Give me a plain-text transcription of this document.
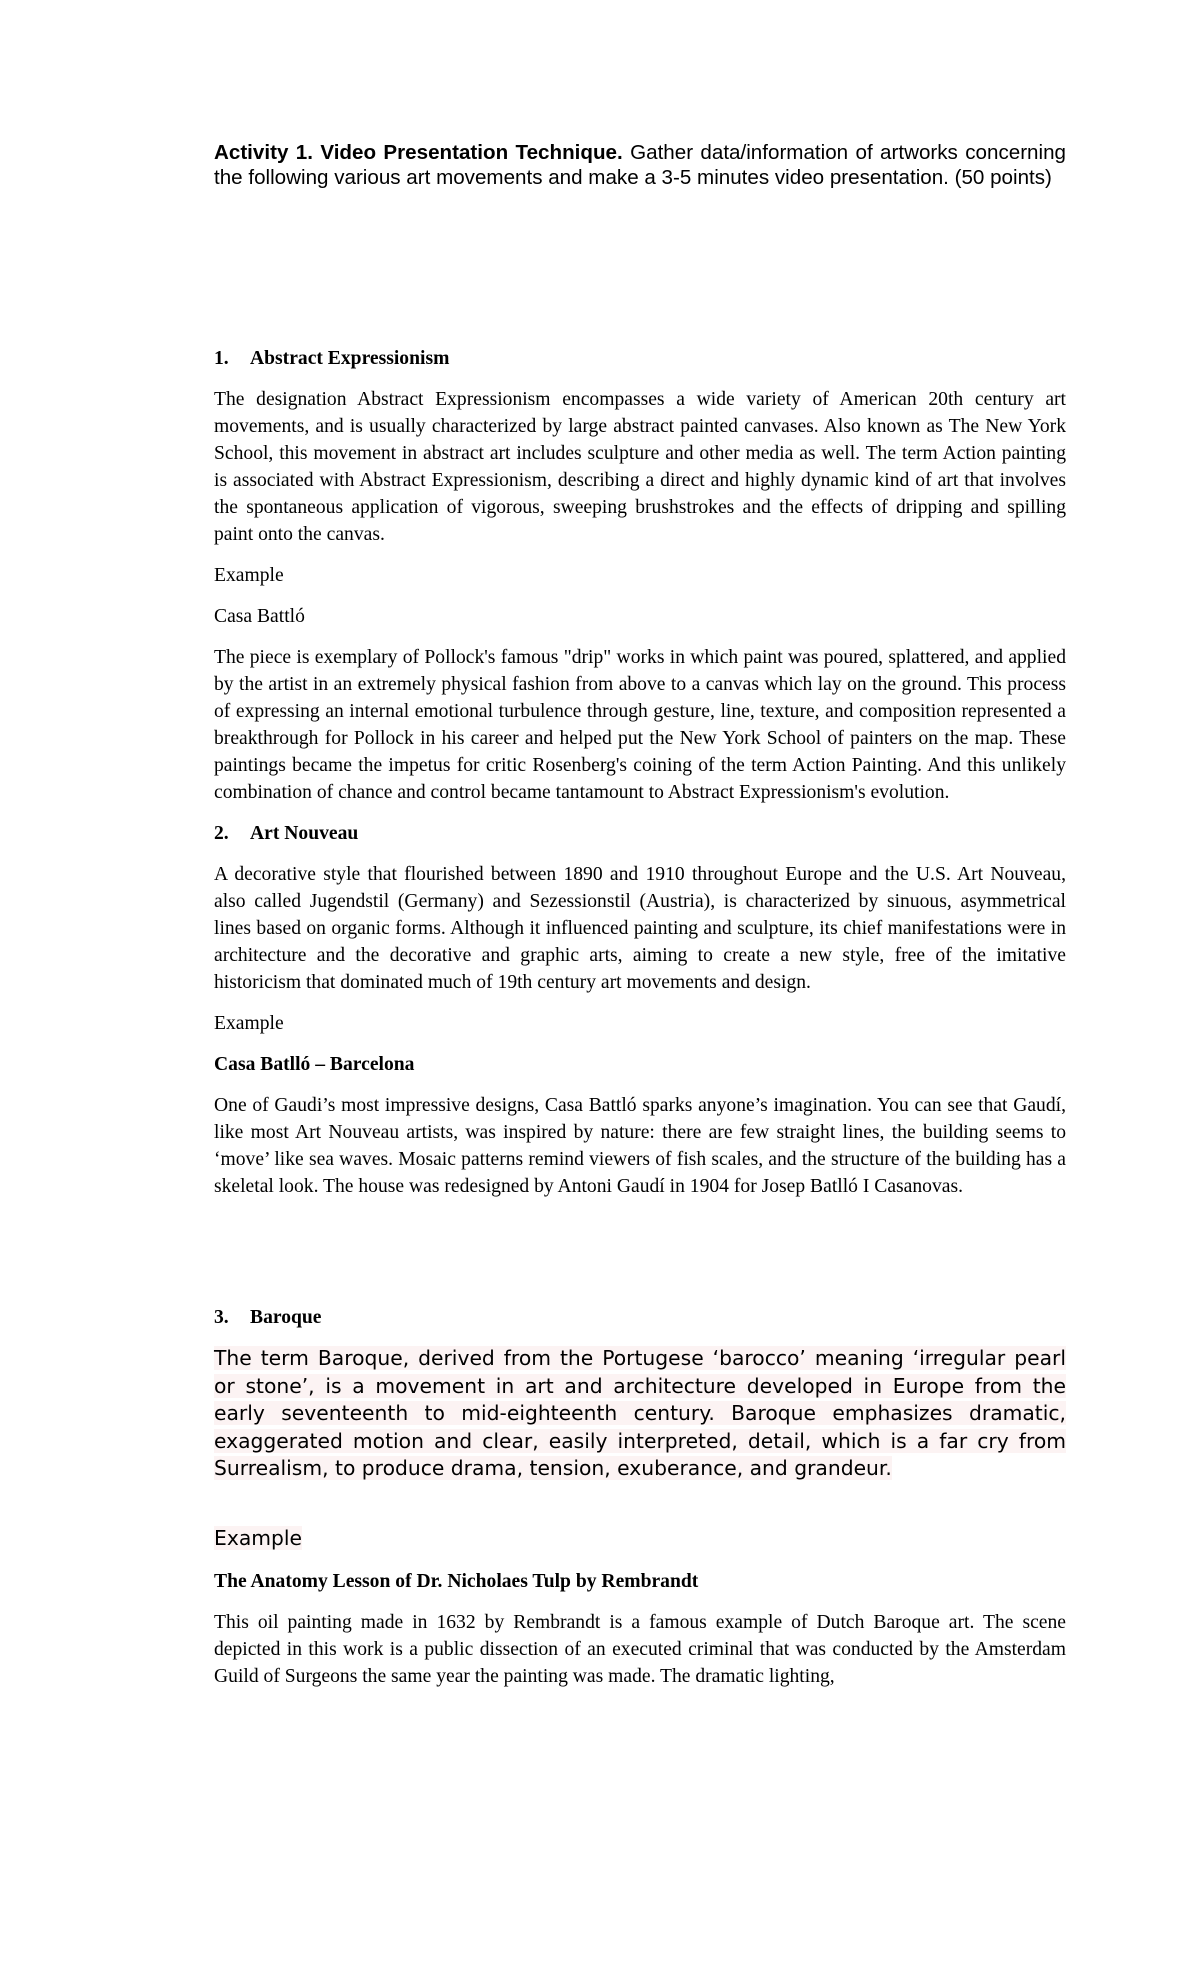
Activity 1. Video Presentation Technique. Gather data/information of artworks concerning the following various art movements and make a 3-5 minutes video presentation. (50 points)
1. Abstract Expressionism

The designation Abstract Expressionism encompasses a wide variety of American 20th century art movements, and is usually characterized by large abstract painted canvases. Also known as The New York School, this movement in abstract art includes sculpture and other media as well. The term Action painting is associated with Abstract Expressionism, describing a direct and highly dynamic kind of art that involves the spontaneous application of vigorous, sweeping brushstrokes and the effects of dripping and spilling paint onto the canvas.

Example
Casa Battló

The piece is exemplary of Pollock's famous "drip" works in which paint was poured, splattered, and applied by the artist in an extremely physical fashion from above to a canvas which lay on the ground. This process of expressing an internal emotional turbulence through gesture, line, texture, and composition represented a breakthrough for Pollock in his career and helped put the New York School of painters on the map. These paintings became the impetus for critic Rosenberg's coining of the term Action Painting. And this unlikely combination of chance and control became tantamount to Abstract Expressionism's evolution.

2. Art Nouveau

A decorative style that flourished between 1890 and 1910 throughout Europe and the U.S. Art Nouveau, also called Jugendstil (Germany) and Sezessionstil (Austria), is characterized by sinuous, asymmetrical lines based on organic forms. Although it influenced painting and sculpture, its chief manifestations were in architecture and the decorative and graphic arts, aiming to create a new style, free of the imitative historicism that dominated much of 19th century art movements and design.

Example
Casa Batlló – Barcelona

One of Gaudi’s most impressive designs, Casa Battló sparks anyone’s imagination. You can see that Gaudí, like most Art Nouveau artists, was inspired by nature: there are few straight lines, the building seems to ‘move’ like sea waves. Mosaic patterns remind viewers of fish scales, and the structure of the building has a skeletal look. The house was redesigned by Antoni Gaudí in 1904 for Josep Batlló I Casanovas.

3. Baroque
The term Baroque, derived from the Portugese ‘barocco’ meaning ‘irregular pearl or stone’, is a movement in art and architecture developed in Europe from the early seventeenth to mid-eighteenth century. Baroque emphasizes dramatic, exaggerated motion and clear, easily interpreted, detail, which is a far cry from Surrealism, to produce drama, tension, exuberance, and grandeur.
Example
The Anatomy Lesson of Dr. Nicholaes Tulp by Rembrandt

This oil painting made in 1632 by Rembrandt is a famous example of Dutch Baroque art. The scene depicted in this work is a public dissection of an executed criminal that was conducted by the Amsterdam Guild of Surgeons the same year the painting was made. The dramatic lighting,
